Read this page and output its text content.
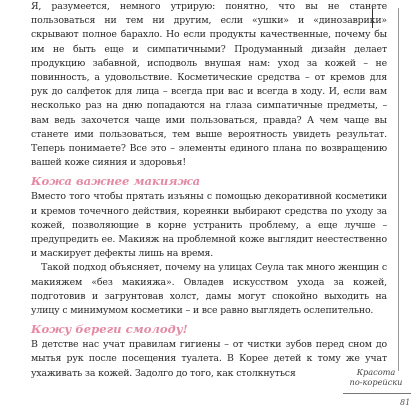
Я, разумеется, немного утрирую: понятно, что вы не станете пользоваться ни тем ни другим, если «ушки» и «динозаврики» скрывают полное барахло. Но если продукты качественные, почему бы им не быть еще и симпатичными? Продуманный дизайн делает продукцию забавной, исподволь внушая нам: уход за кожей – не повинность, а удовольствие. Косметические средства – от кремов для рук до салфеток для лица – всегда при вас и всегда в ходу. И, если вам несколько раз на дню попадаются на глаза симпатичные предметы, – вам ведь захочется чаще ими пользоваться, правда? А чем чаще вы станете ими пользоваться, тем выше вероятность увидеть результат. Теперь понимаете? Все это – элементы единого плана по возвращению вашей коже сияния и здоровья!

Кожа важнее макияжа

Вместо того чтобы прятать изъяны с помощью декоративной косметики и кремов точечного действия, кореянки выбирают средства по уходу за кожей, позволяющие в корне устранить проблему, а еще лучше – предупредить ее. Макияж на проблемной коже выглядит неестественно и маскирует дефекты лишь на время.

Такой подход объясняет, почему на улицах Сеула так много женщин с макияжем «без макияжа». Овладев искусством ухода за кожей, подготовив и загрунтовав холст, дамы могут спокойно выходить на улицу с минимумом косметики – и все равно выглядеть ослепительно.

Кожу береги смолоду!

В детстве нас учат правилам гигиены – от чистки зубов перед сном до мытья рук после посещения туалета. В Корее детей к тому же учат ухаживать за кожей. Задолго до того, как столкнуться	Красота
по-корейски
81
